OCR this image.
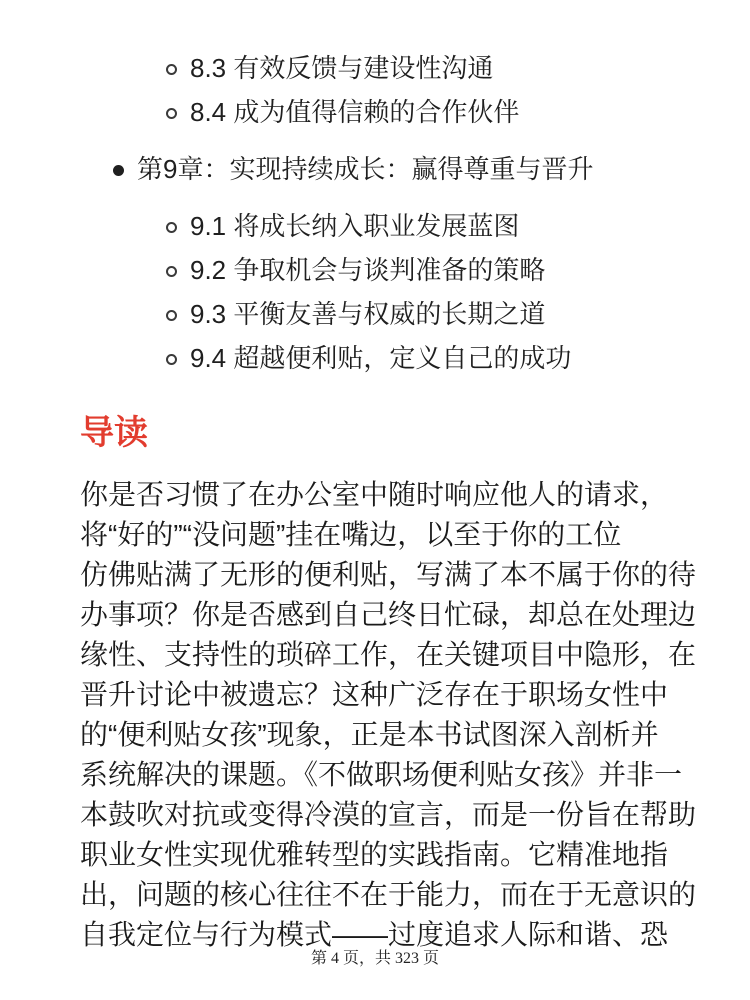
8.3 有效反馈与建设性沟通
8.4 成为值得信赖的合作伙伴
第9章：实现持续成长：赢得尊重与晋升
9.1 将成长纳入职业发展蓝图
9.2 争取机会与谈判准备的策略
9.3 平衡友善与权威的长期之道
9.4 超越便利贴，定义自己的成功
导读
你是否习惯了在办公室中随时响应他人的请求，
将“好的”“没问题”挂在嘴边，以至于你的工位
仿佛贴满了无形的便利贴，写满了本不属于你的待
办事项？你是否感到自己终日忙碌，却总在处理边
缘性、支持性的琐碎工作，在关键项目中隐形，在
晋升讨论中被遗忘？这种广泛存在于职场女性中
的“便利贴女孩”现象，正是本书试图深入剖析并
系统解决的课题。《不做职场便利贴女孩》并非一
本鼓吹对抗或变得冷漠的宣言，而是一份旨在帮助
职业女性实现优雅转型的实践指南。它精准地指
出，问题的核心往往不在于能力，而在于无意识的
自我定位与行为模式——过度追求人际和谐、恐
第 4 页，共 323 页
